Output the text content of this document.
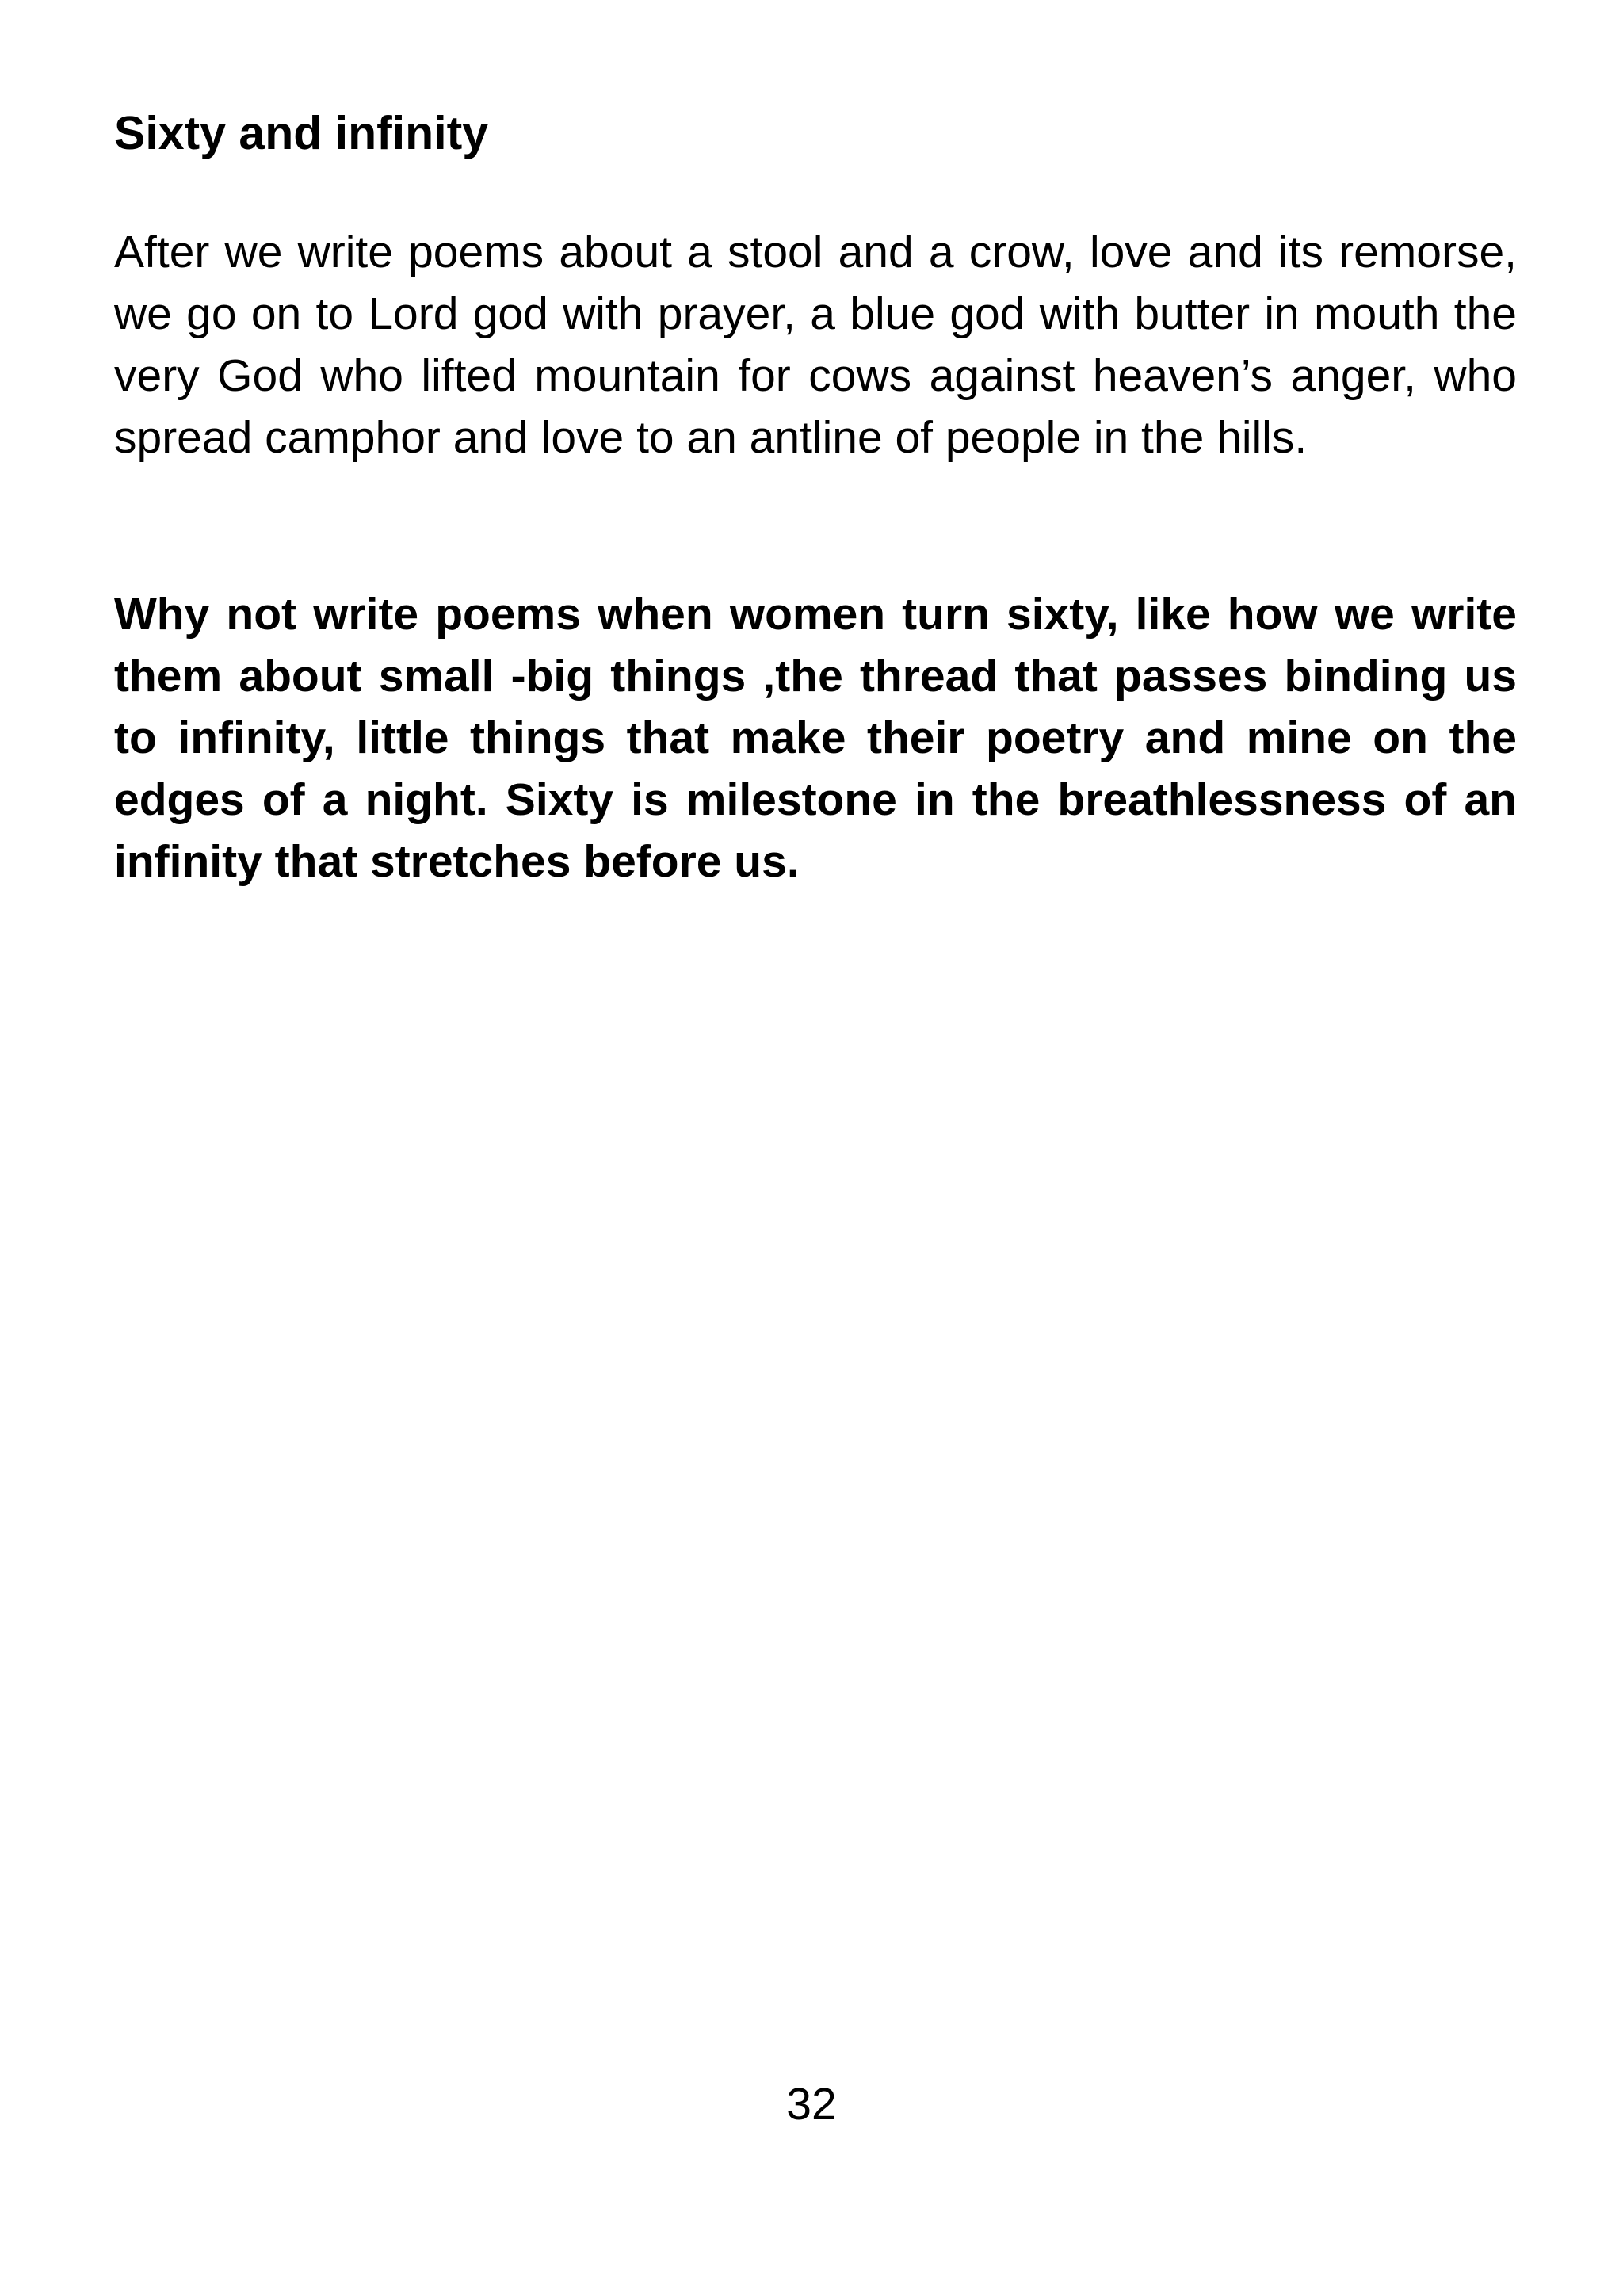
Sixty and infinity

After we write poems about a stool and a crow, love and its remorse, we go on to Lord god with prayer, a blue god with butter in mouth the very God who lifted mountain for cows against heaven’s anger, who spread camphor and love to an antline of people in the hills.

Why not write poems when women turn sixty, like how we write them about small -big things ,the thread that passes binding us to infinity, little things that make their poetry and mine on the edges of a night. Sixty is milestone in the breathlessness of an infinity that stretches before us.

32
